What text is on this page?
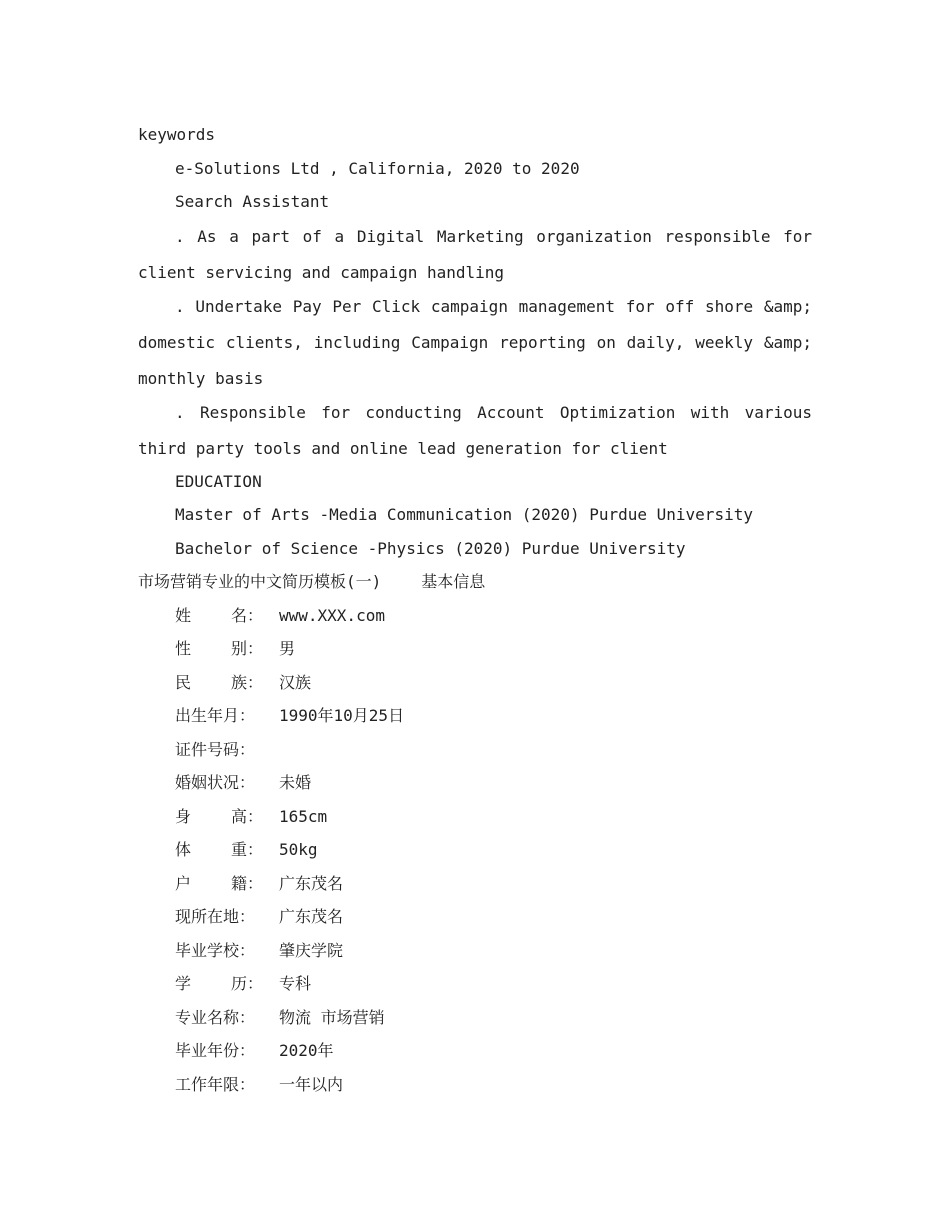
keywords
e-Solutions Ltd , California, 2020 to 2020
Search Assistant
. As a part of a Digital Marketing organization responsible for client servicing and campaign handling
. Undertake Pay Per Click campaign management for off shore &amp; domestic clients, including Campaign reporting on daily, weekly &amp; monthly basis
. Responsible for conducting Account Optimization with various third party tools and online lead generation for client
EDUCATION
Master of Arts -Media Communication (2020) Purdue University
Bachelor of Science -Physics (2020) Purdue University
市场营销专业的中文简历模板(一)	基本信息
姓 名： www.XXX.com
性 别： 男
民 族： 汉族
出生年月：	1990年10月25日
证件号码：
婚姻状况：	未婚
身 高： 165cm
体 重： 50kg
户 籍： 广东茂名
现所在地：	广东茂名
毕业学校：	肇庆学院
学 历： 专科
专业名称：	物流 市场营销
毕业年份：	2020年
工作年限：	一年以内
